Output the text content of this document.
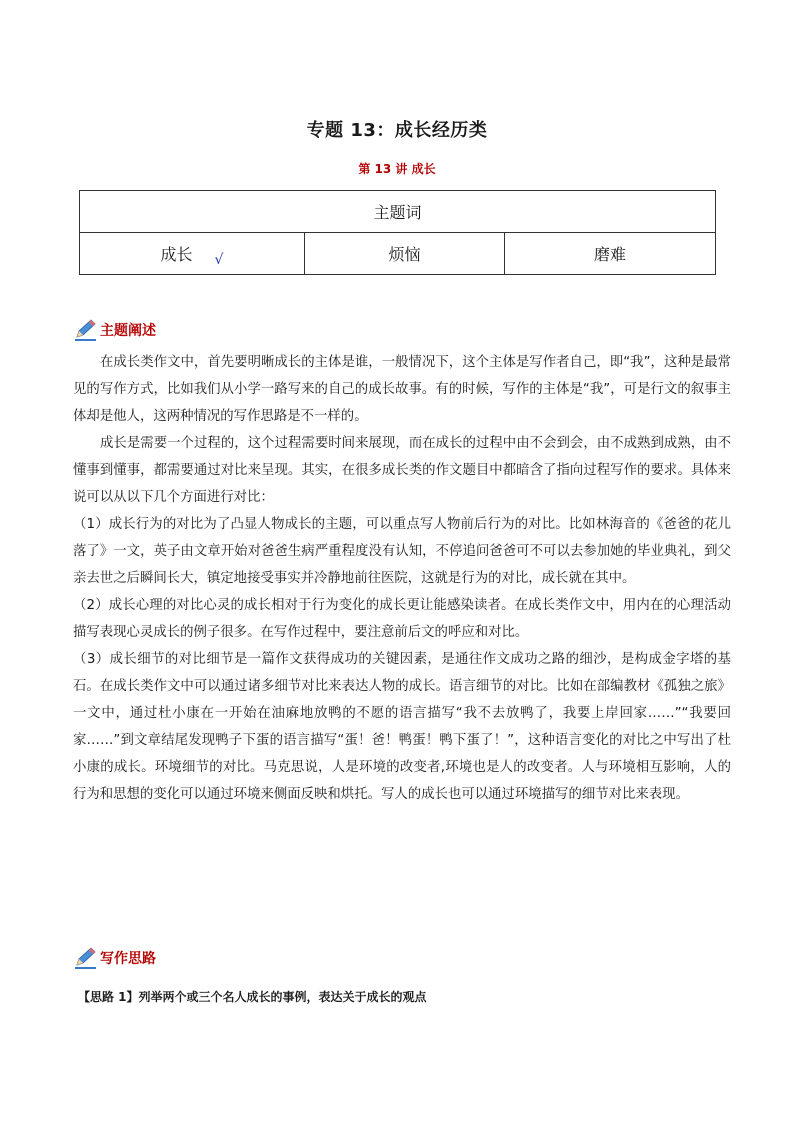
专题 13：成长经历类
第 13 讲 成长
主题词
成长 √	烦恼	磨难
主题阐述

在成长类作文中，首先要明晰成长的主体是谁，一般情况下，这个主体是写作者自己，即“我”，这种是最常见的写作方式，比如我们从小学一路写来的自己的成长故事。有的时候，写作的主体是“我”，可是行文的叙事主体却是他人，这两种情况的写作思路是不一样的。

成长是需要一个过程的，这个过程需要时间来展现，而在成长的过程中由不会到会，由不成熟到成熟，由不懂事到懂事，都需要通过对比来呈现。其实，在很多成长类的作文题目中都暗含了指向过程写作的要求。具体来说可以从以下几个方面进行对比：

（1）成长行为的对比为了凸显人物成长的主题，可以重点写人物前后行为的对比。比如林海音的《爸爸的花儿落了》一文，英子由文章开始对爸爸生病严重程度没有认知，不停追问爸爸可不可以去参加她的毕业典礼，到父亲去世之后瞬间长大，镇定地接受事实并冷静地前往医院，这就是行为的对比，成长就在其中。

（2）成长心理的对比心灵的成长相对于行为变化的成长更让能感染读者。在成长类作文中，用内在的心理活动描写表现心灵成长的例子很多。在写作过程中，要注意前后文的呼应和对比。

（3）成长细节的对比细节是一篇作文获得成功的关键因素，是通往作文成功之路的细沙，是构成金字塔的基石。在成长类作文中可以通过诸多细节对比来表达人物的成长。语言细节的对比。比如在部编教材《孤独之旅》一文中，通过杜小康在一开始在油麻地放鸭的不愿的语言描写“我不去放鸭了，我要上岸回家……”“我要回家……”到文章结尾发现鸭子下蛋的语言描写“蛋！爸！鸭蛋！鸭下蛋了！”，这种语言变化的对比之中写出了杜小康的成长。环境细节的对比。马克思说，人是环境的改变者,环境也是人的改变者。人与环境相互影响，人的行为和思想的变化可以通过环境来侧面反映和烘托。写人的成长也可以通过环境描写的细节对比来表现。

写作思路
【思路 1】列举两个或三个名人成长的事例，表达关于成长的观点
